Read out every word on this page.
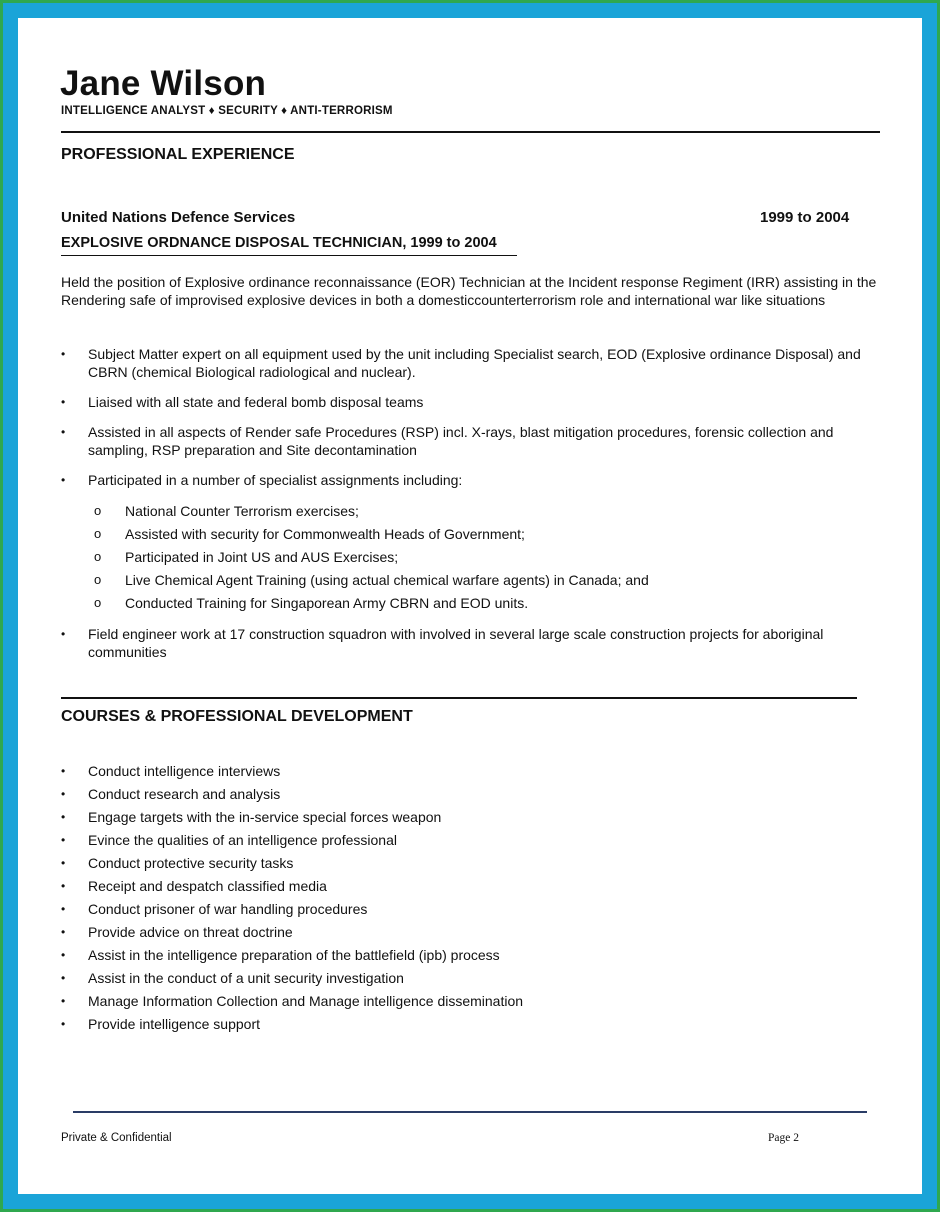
Jane Wilson
INTELLIGENCE ANALYST ♦ SECURITY ♦ ANTI-TERRORISM
PROFESSIONAL EXPERIENCE
United Nations Defence Services	1999 to 2004
EXPLOSIVE ORDNANCE DISPOSAL TECHNICIAN, 1999 to 2004
Held the position of Explosive ordinance reconnaissance (EOR) Technician at the Incident response Regiment (IRR) assisting in the Rendering safe of improvised explosive devices in both a domesticcounterterrorism role and international war like situations
• Subject Matter expert on all equipment used by the unit including Specialist search, EOD (Explosive ordinance Disposal) and CBRN (chemical Biological radiological and nuclear).
• Liaised with all state and federal bomb disposal teams
• Assisted in all aspects of Render safe Procedures (RSP) incl. X-rays, blast mitigation procedures, forensic collection and sampling, RSP preparation and Site decontamination
• Participated in a number of specialist assignments including:
o National Counter Terrorism exercises;
o Assisted with security for Commonwealth Heads of Government;
o Participated in Joint US and AUS Exercises;
o Live Chemical Agent Training (using actual chemical warfare agents) in Canada; and
o Conducted Training for Singaporean Army CBRN and EOD units.
• Field engineer work at 17 construction squadron with involved in several large scale construction projects for aboriginal communities
COURSES & PROFESSIONAL DEVELOPMENT
• Conduct intelligence interviews
• Conduct research and analysis
• Engage targets with the in-service special forces weapon
• Evince the qualities of an intelligence professional
• Conduct protective security tasks
• Receipt and despatch classified media
• Conduct prisoner of war handling procedures
• Provide advice on threat doctrine
• Assist in the intelligence preparation of the battlefield (ipb) process
• Assist in the conduct of a unit security investigation
• Manage Information Collection and Manage intelligence dissemination
• Provide intelligence support
Private & Confidential	Page 2
